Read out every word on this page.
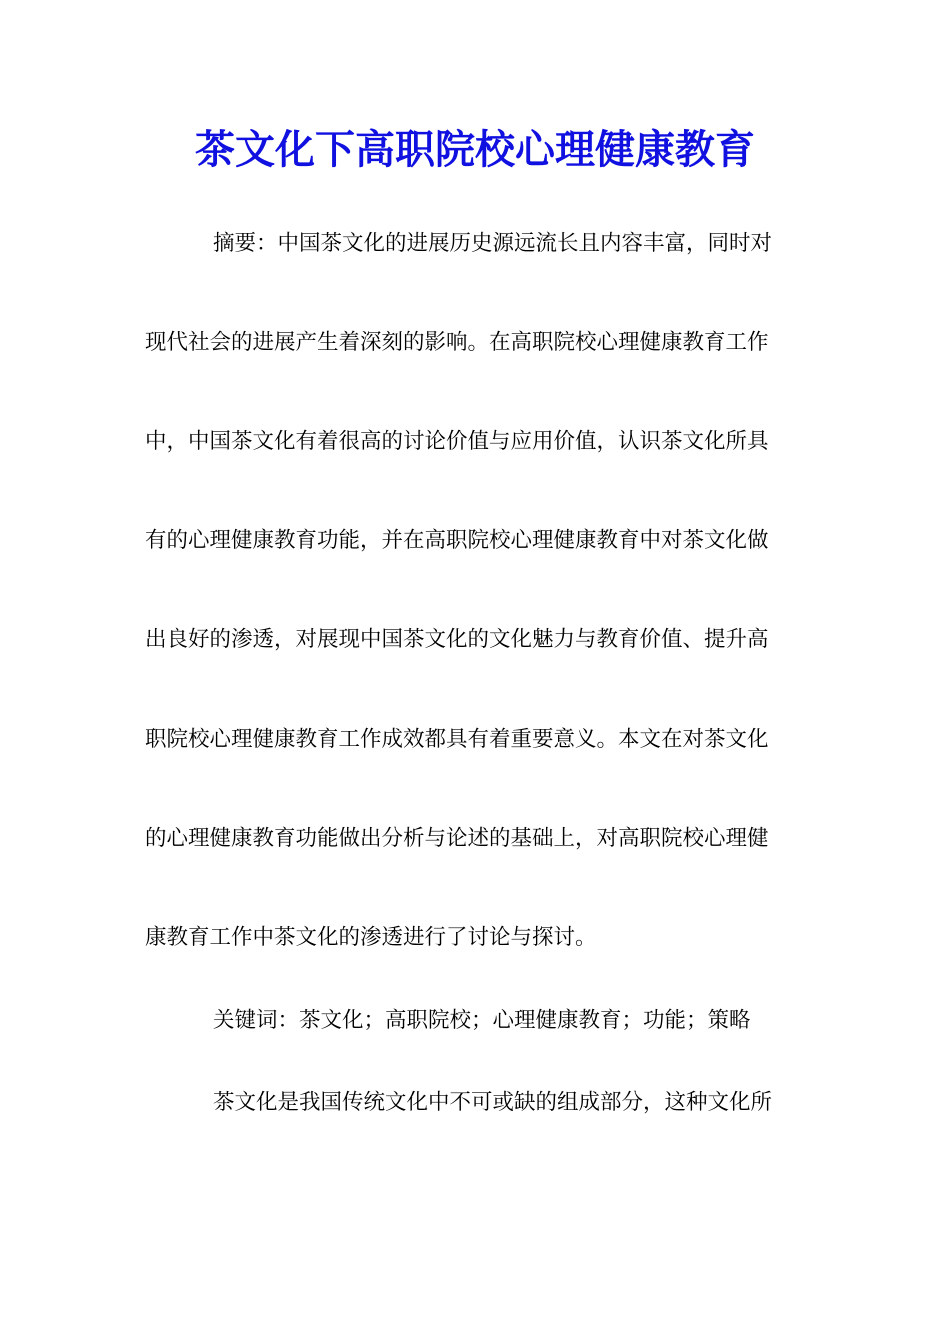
茶文化下高职院校心理健康教育

摘要：中国茶文化的进展历史源远流长且内容丰富，同时对

现代社会的进展产生着深刻的影响。在高职院校心理健康教育工作

中，中国茶文化有着很高的讨论价值与应用价值，认识茶文化所具

有的心理健康教育功能，并在高职院校心理健康教育中对茶文化做

出良好的渗透，对展现中国茶文化的文化魅力与教育价值、提升高

职院校心理健康教育工作成效都具有着重要意义。本文在对茶文化

的心理健康教育功能做出分析与论述的基础上，对高职院校心理健

康教育工作中茶文化的渗透进行了讨论与探讨。

关键词：茶文化；高职院校；心理健康教育；功能；策略

茶文化是我国传统文化中不可或缺的组成部分，这种文化所
